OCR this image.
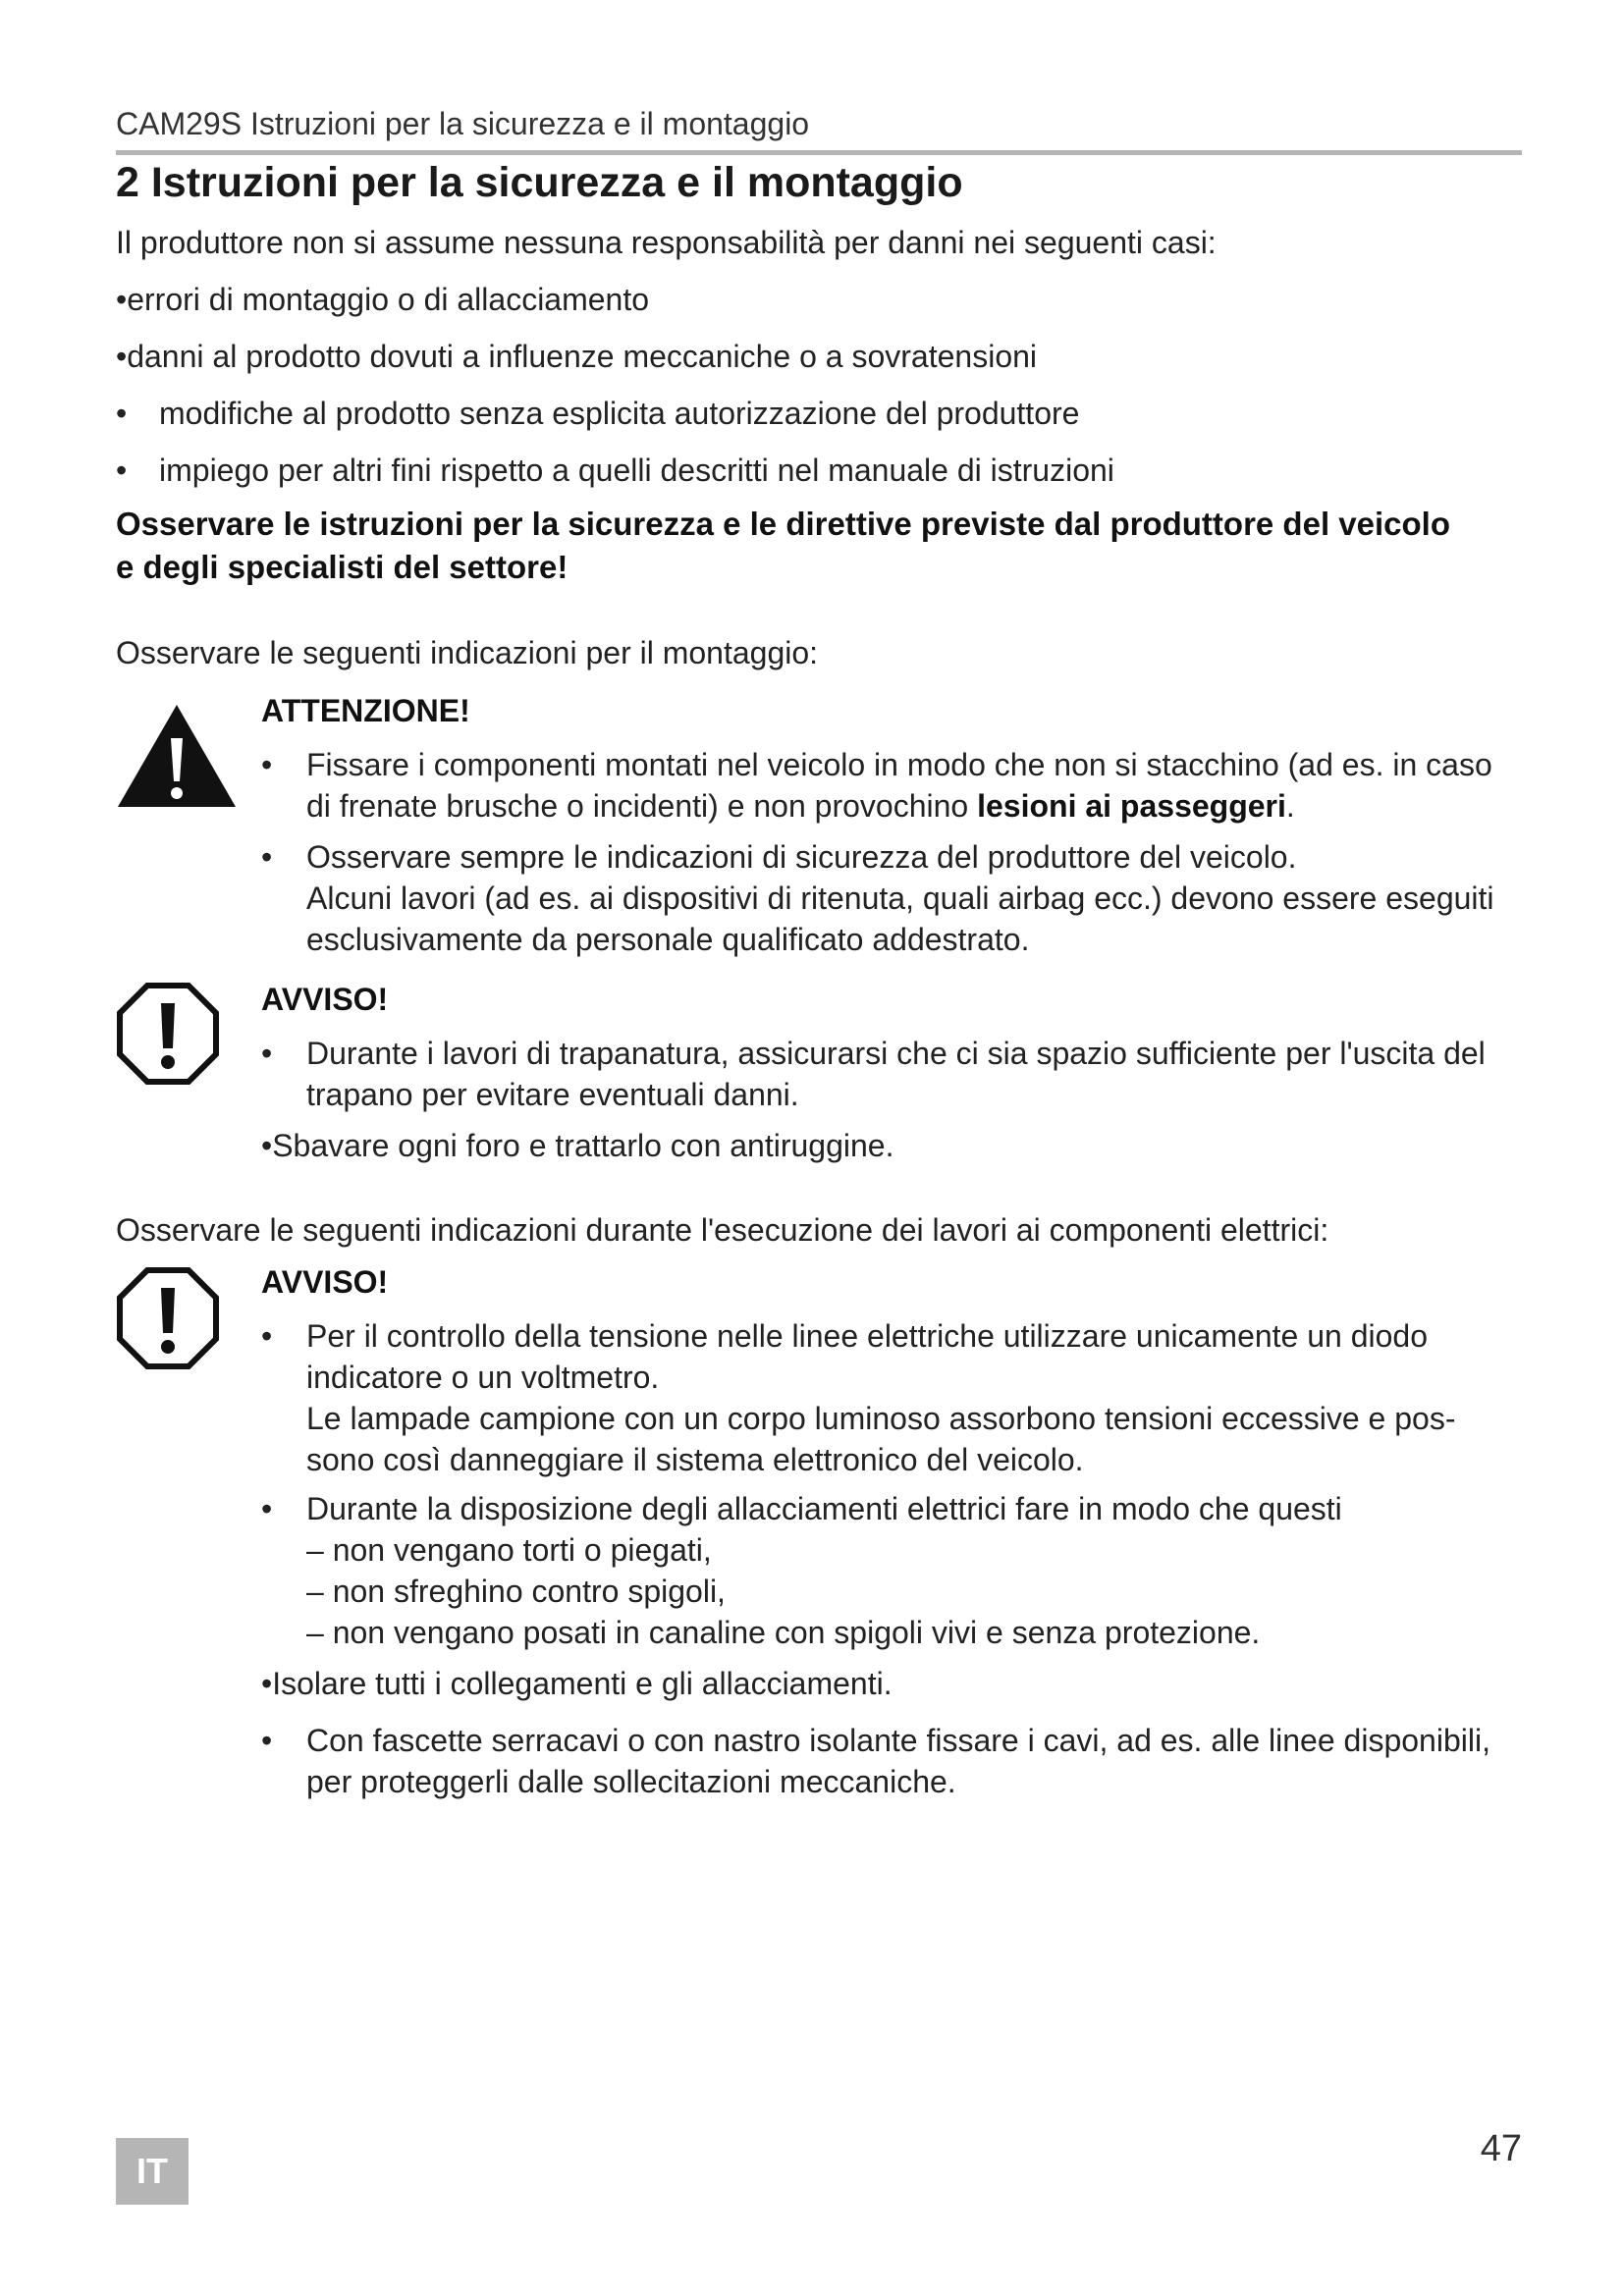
CAM29S Istruzioni per la sicurezza e il montaggio
2 Istruzioni per la sicurezza e il montaggio
Il produttore non si assume nessuna responsabilità per danni nei seguenti casi:
•errori di montaggio o di allacciamento
•danni al prodotto dovuti a influenze meccaniche o a sovratensioni
• modifiche al prodotto senza esplicita autorizzazione del produttore
• impiego per altri fini rispetto a quelli descritti nel manuale di istruzioni
Osservare le istruzioni per la sicurezza e le direttive previste dal produttore del veicolo
e degli specialisti del settore!
Osservare le seguenti indicazioni per il montaggio:
ATTENZIONE!
• Fissare i componenti montati nel veicolo in modo che non si stacchino (ad es. in caso
di frenate brusche o incidenti) e non provochino lesioni ai passeggeri.
• Osservare sempre le indicazioni di sicurezza del produttore del veicolo.
Alcuni lavori (ad es. ai dispositivi di ritenuta, quali airbag ecc.) devono essere eseguiti
esclusivamente da personale qualificato addestrato.
AVVISO!
• Durante i lavori di trapanatura, assicurarsi che ci sia spazio sufficiente per l'uscita del
trapano per evitare eventuali danni.
•Sbavare ogni foro e trattarlo con antiruggine.
Osservare le seguenti indicazioni durante l'esecuzione dei lavori ai componenti elettrici:
AVVISO!
• Per il controllo della tensione nelle linee elettriche utilizzare unicamente un diodo
indicatore o un voltmetro.
Le lampade campione con un corpo luminoso assorbono tensioni eccessive e pos-
sono così danneggiare il sistema elettronico del veicolo.
• Durante la disposizione degli allacciamenti elettrici fare in modo che questi
– non vengano torti o piegati,
– non sfreghino contro spigoli,
– non vengano posati in canaline con spigoli vivi e senza protezione.
•Isolare tutti i collegamenti e gli allacciamenti.
• Con fascette serracavi o con nastro isolante fissare i cavi, ad es. alle linee disponibili,
per proteggerli dalle sollecitazioni meccaniche.
IT
47
